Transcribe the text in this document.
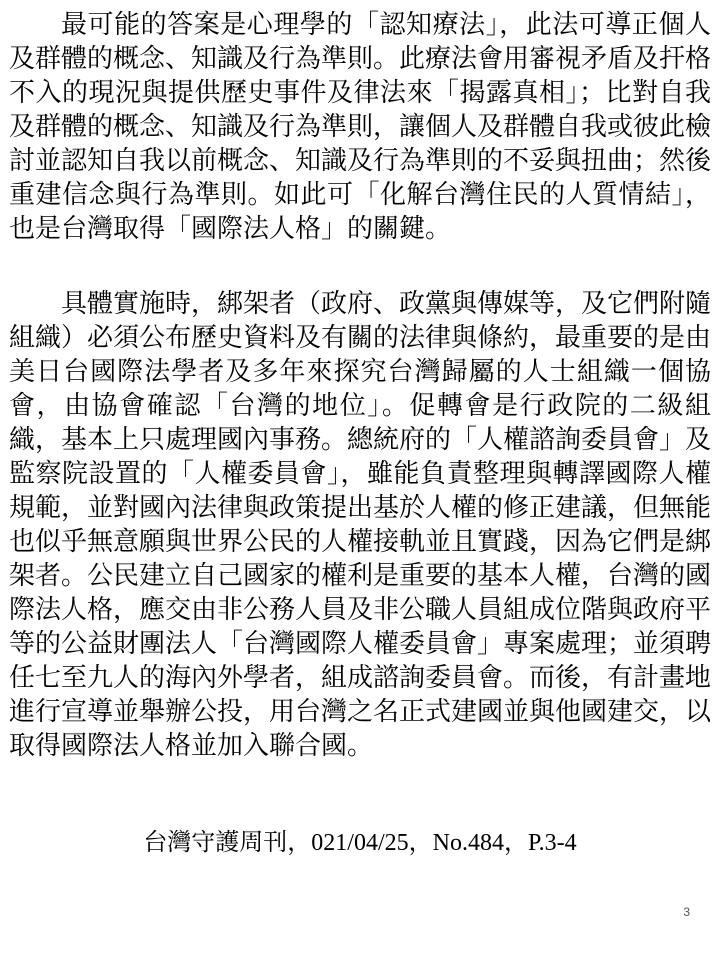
最可能的答案是心理學的「認知療法」，此法可導正個人及群體的概念、知識及行為準則。此療法會用審視矛盾及扞格不入的現況與提供歷史事件及律法來「揭露真相」；比對自我及群體的概念、知識及行為準則，讓個人及群體自我或彼此檢討並認知自我以前概念、知識及行為準則的不妥與扭曲；然後重建信念與行為準則。如此可「化解台灣住民的人質情結」，也是台灣取得「國際法人格」的關鍵。

具體實施時，綁架者（政府、政黨與傳媒等，及它們附隨組織）必須公布歷史資料及有關的法律與條約，最重要的是由美日台國際法學者及多年來探究台灣歸屬的人士組織一個協會，由協會確認「台灣的地位」。促轉會是行政院的二級組織，基本上只處理國內事務。總統府的「人權諮詢委員會」及監察院設置的「人權委員會」，雖能負責整理與轉譯國際人權規範，並對國內法律與政策提出基於人權的修正建議，但無能也似乎無意願與世界公民的人權接軌並且實踐，因為它們是綁架者。公民建立自己國家的權利是重要的基本人權，台灣的國際法人格，應交由非公務人員及非公職人員組成位階與政府平等的公益財團法人「台灣國際人權委員會」專案處理；並須聘任七至九人的海內外學者，組成諮詢委員會。而後，有計畫地進行宣導並舉辦公投，用台灣之名正式建國並與他國建交，以取得國際法人格並加入聯合國。

台灣守護周刊，021/04/25，No.484，P.3-4
3
